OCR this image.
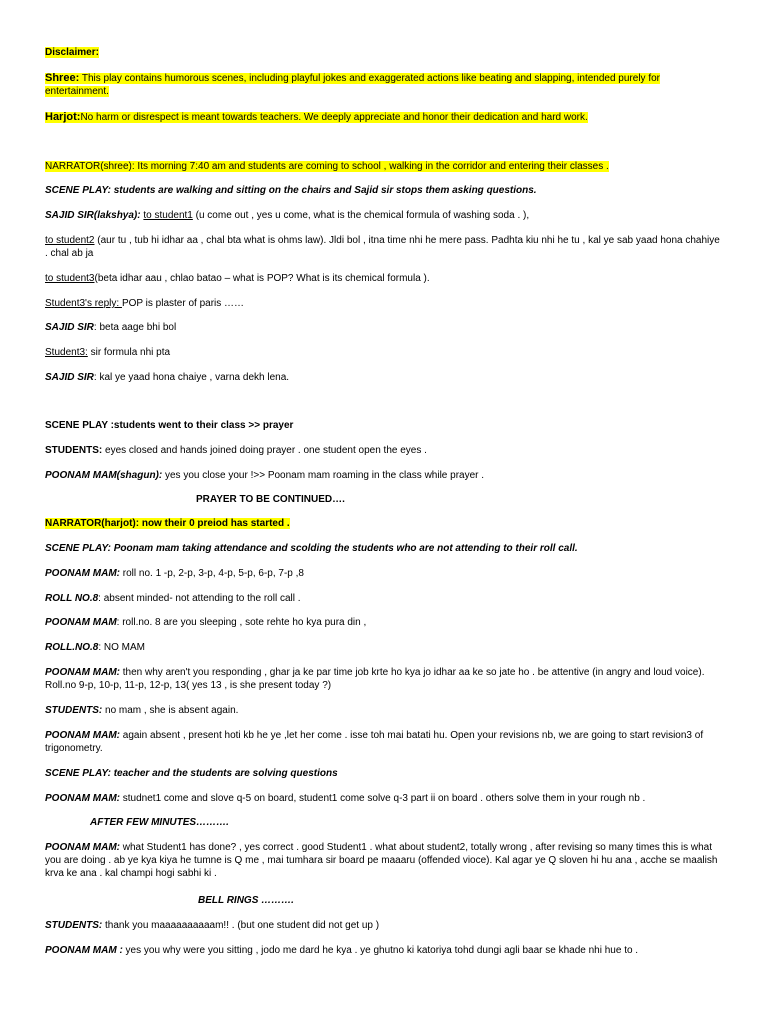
Disclaimer:

Shree: This play contains humorous scenes, including playful jokes and exaggerated actions like beating and slapping, intended purely for entertainment.

Harjot:No harm or disrespect is meant towards teachers. We deeply appreciate and honor their dedication and hard work.

NARRATOR(shree): Its morning 7:40 am and students are coming to school , walking in the corridor and entering their classes .

SCENE PLAY: students are walking and sitting on the chairs and Sajid sir stops them asking questions.

SAJID SIR(lakshya): to student1 (u come out , yes u come, what is the chemical formula of washing soda . ),

to student2 (aur tu , tub hi idhar aa , chal bta what is ohms law). Jldi bol , itna time nhi he mere pass. Padhta kiu nhi he tu , kal ye sab yaad hona chahiye . chal ab ja

to student3(beta idhar aau , chlao batao – what is POP? What is its chemical formula ).

Student3's reply: POP is plaster of paris ……

SAJID SIR: beta aage bhi bol

Student3: sir formula nhi pta

SAJID SIR: kal ye yaad hona chaiye , varna dekh lena.

SCENE PLAY :students went to their class >> prayer

STUDENTS: eyes closed and hands joined doing prayer . one student open the eyes .

POONAM MAM(shagun): yes you close your !>> Poonam mam roaming in the class while prayer .

PRAYER TO BE CONTINUED….

NARRATOR(harjot): now their 0 preiod has started .

SCENE PLAY: Poonam mam taking attendance and scolding the students who are not attending to their roll call.

POONAM MAM: roll no. 1 -p, 2-p, 3-p, 4-p, 5-p, 6-p, 7-p ,8

ROLL NO.8: absent minded- not attending to the roll call .

POONAM MAM: roll.no. 8 are you sleeping , sote rehte ho kya pura din ,

ROLL.NO.8: NO MAM

POONAM MAM: then why aren't you responding , ghar ja ke par time job krte ho kya jo idhar aa ke so jate ho . be attentive (in angry and loud voice). Roll.no 9-p, 10-p, 11-p, 12-p, 13( yes 13 , is she present today ?)

STUDENTS: no mam , she is absent again.

POONAM MAM: again absent , present hoti kb he ye ,let her come . isse toh mai batati hu. Open your revisions nb, we are going to start revision3 of trigonometry.

SCENE PLAY: teacher and the students are solving questions

POONAM MAM: studnet1 come and slove q-5 on board, student1 come solve q-3 part ii on board . others solve them in your rough nb .

AFTER FEW MINUTES……….

POONAM MAM: what Student1 has done? , yes correct . good Student1 . what about student2, totally wrong , after revising so many times this is what you are doing . ab ye kya kiya he tumne is Q me , mai tumhara sir board pe maaaru (offended vioce). Kal agar ye Q sloven hi hu ana , acche se maalish krva ke ana . kal champi hogi sabhi ki .

BELL RINGS ……….

STUDENTS: thank you maaaaaaaaaam!! . (but one student did not get up )

POONAM MAM : yes you why were you sitting , jodo me dard he kya . ye ghutno ki katoriya tohd dungi agli baar se khade nhi hue to .
